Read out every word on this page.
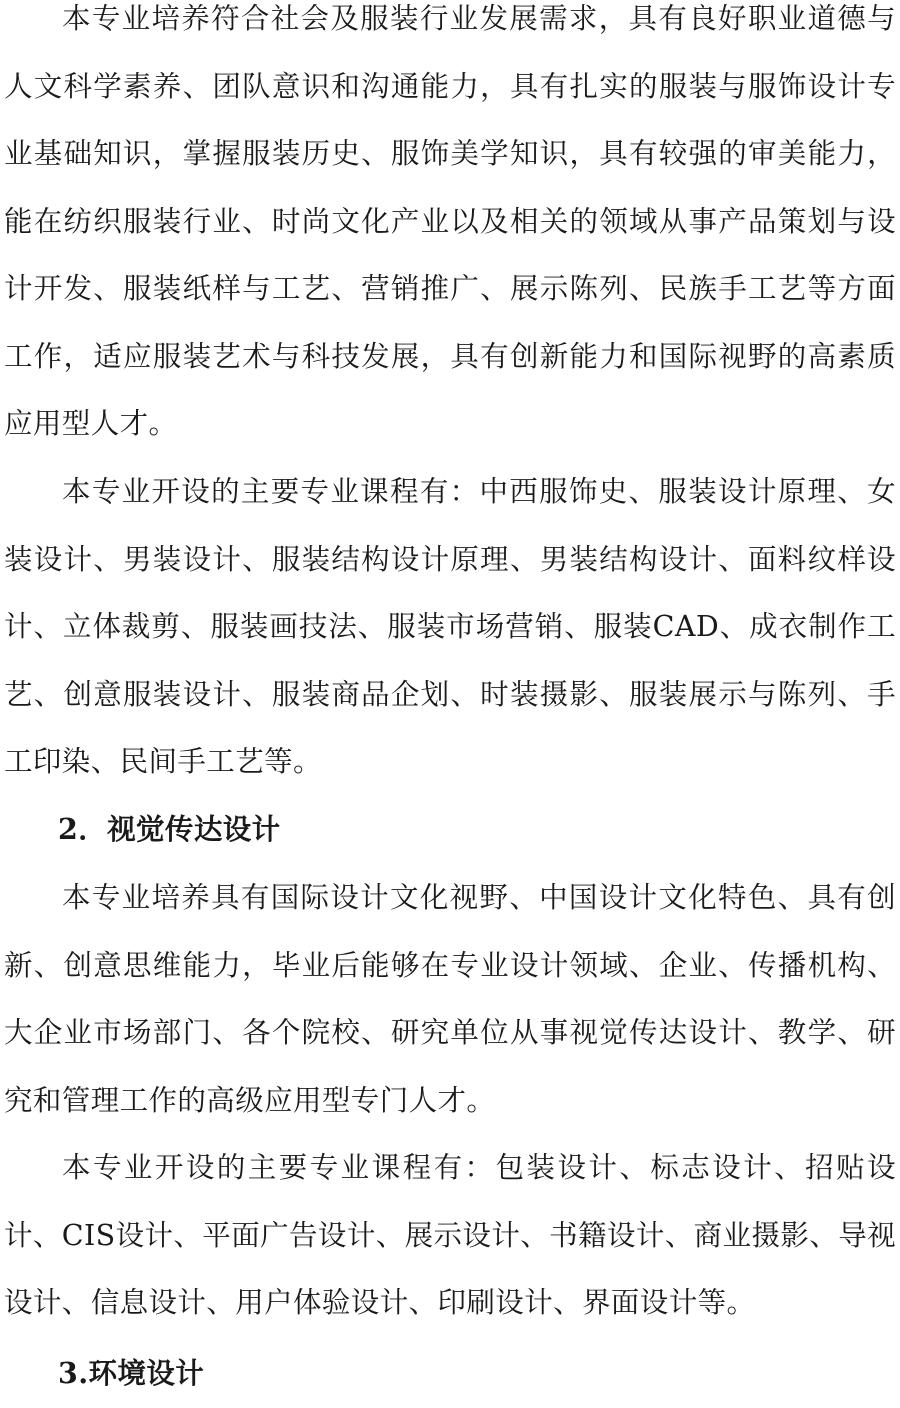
本专业培养符合社会及服装行业发展需求，具有良好职业道德与人文科学素养、团队意识和沟通能力，具有扎实的服装与服饰设计专业基础知识，掌握服装历史、服饰美学知识，具有较强的审美能力，能在纺织服装行业、时尚文化产业以及相关的领域从事产品策划与设计开发、服装纸样与工艺、营销推广、展示陈列、民族手工艺等方面工作，适应服装艺术与科技发展，具有创新能力和国际视野的高素质应用型人才。

本专业开设的主要专业课程有：中西服饰史、服装设计原理、女装设计、男装设计、服装结构设计原理、男装结构设计、面料纹样设计、立体裁剪、服装画技法、服装市场营销、服装CAD、成衣制作工艺、创意服装设计、服装商品企划、时装摄影、服装展示与陈列、手工印染、民间手工艺等。

2．视觉传达设计

本专业培养具有国际设计文化视野、中国设计文化特色、具有创新、创意思维能力，毕业后能够在专业设计领域、企业、传播机构、大企业市场部门、各个院校、研究单位从事视觉传达设计、教学、研究和管理工作的高级应用型专门人才。

本专业开设的主要专业课程有：包装设计、标志设计、招贴设计、CIS设计、平面广告设计、展示设计、书籍设计、商业摄影、导视设计、信息设计、用户体验设计、印刷设计、界面设计等。

3.环境设计
